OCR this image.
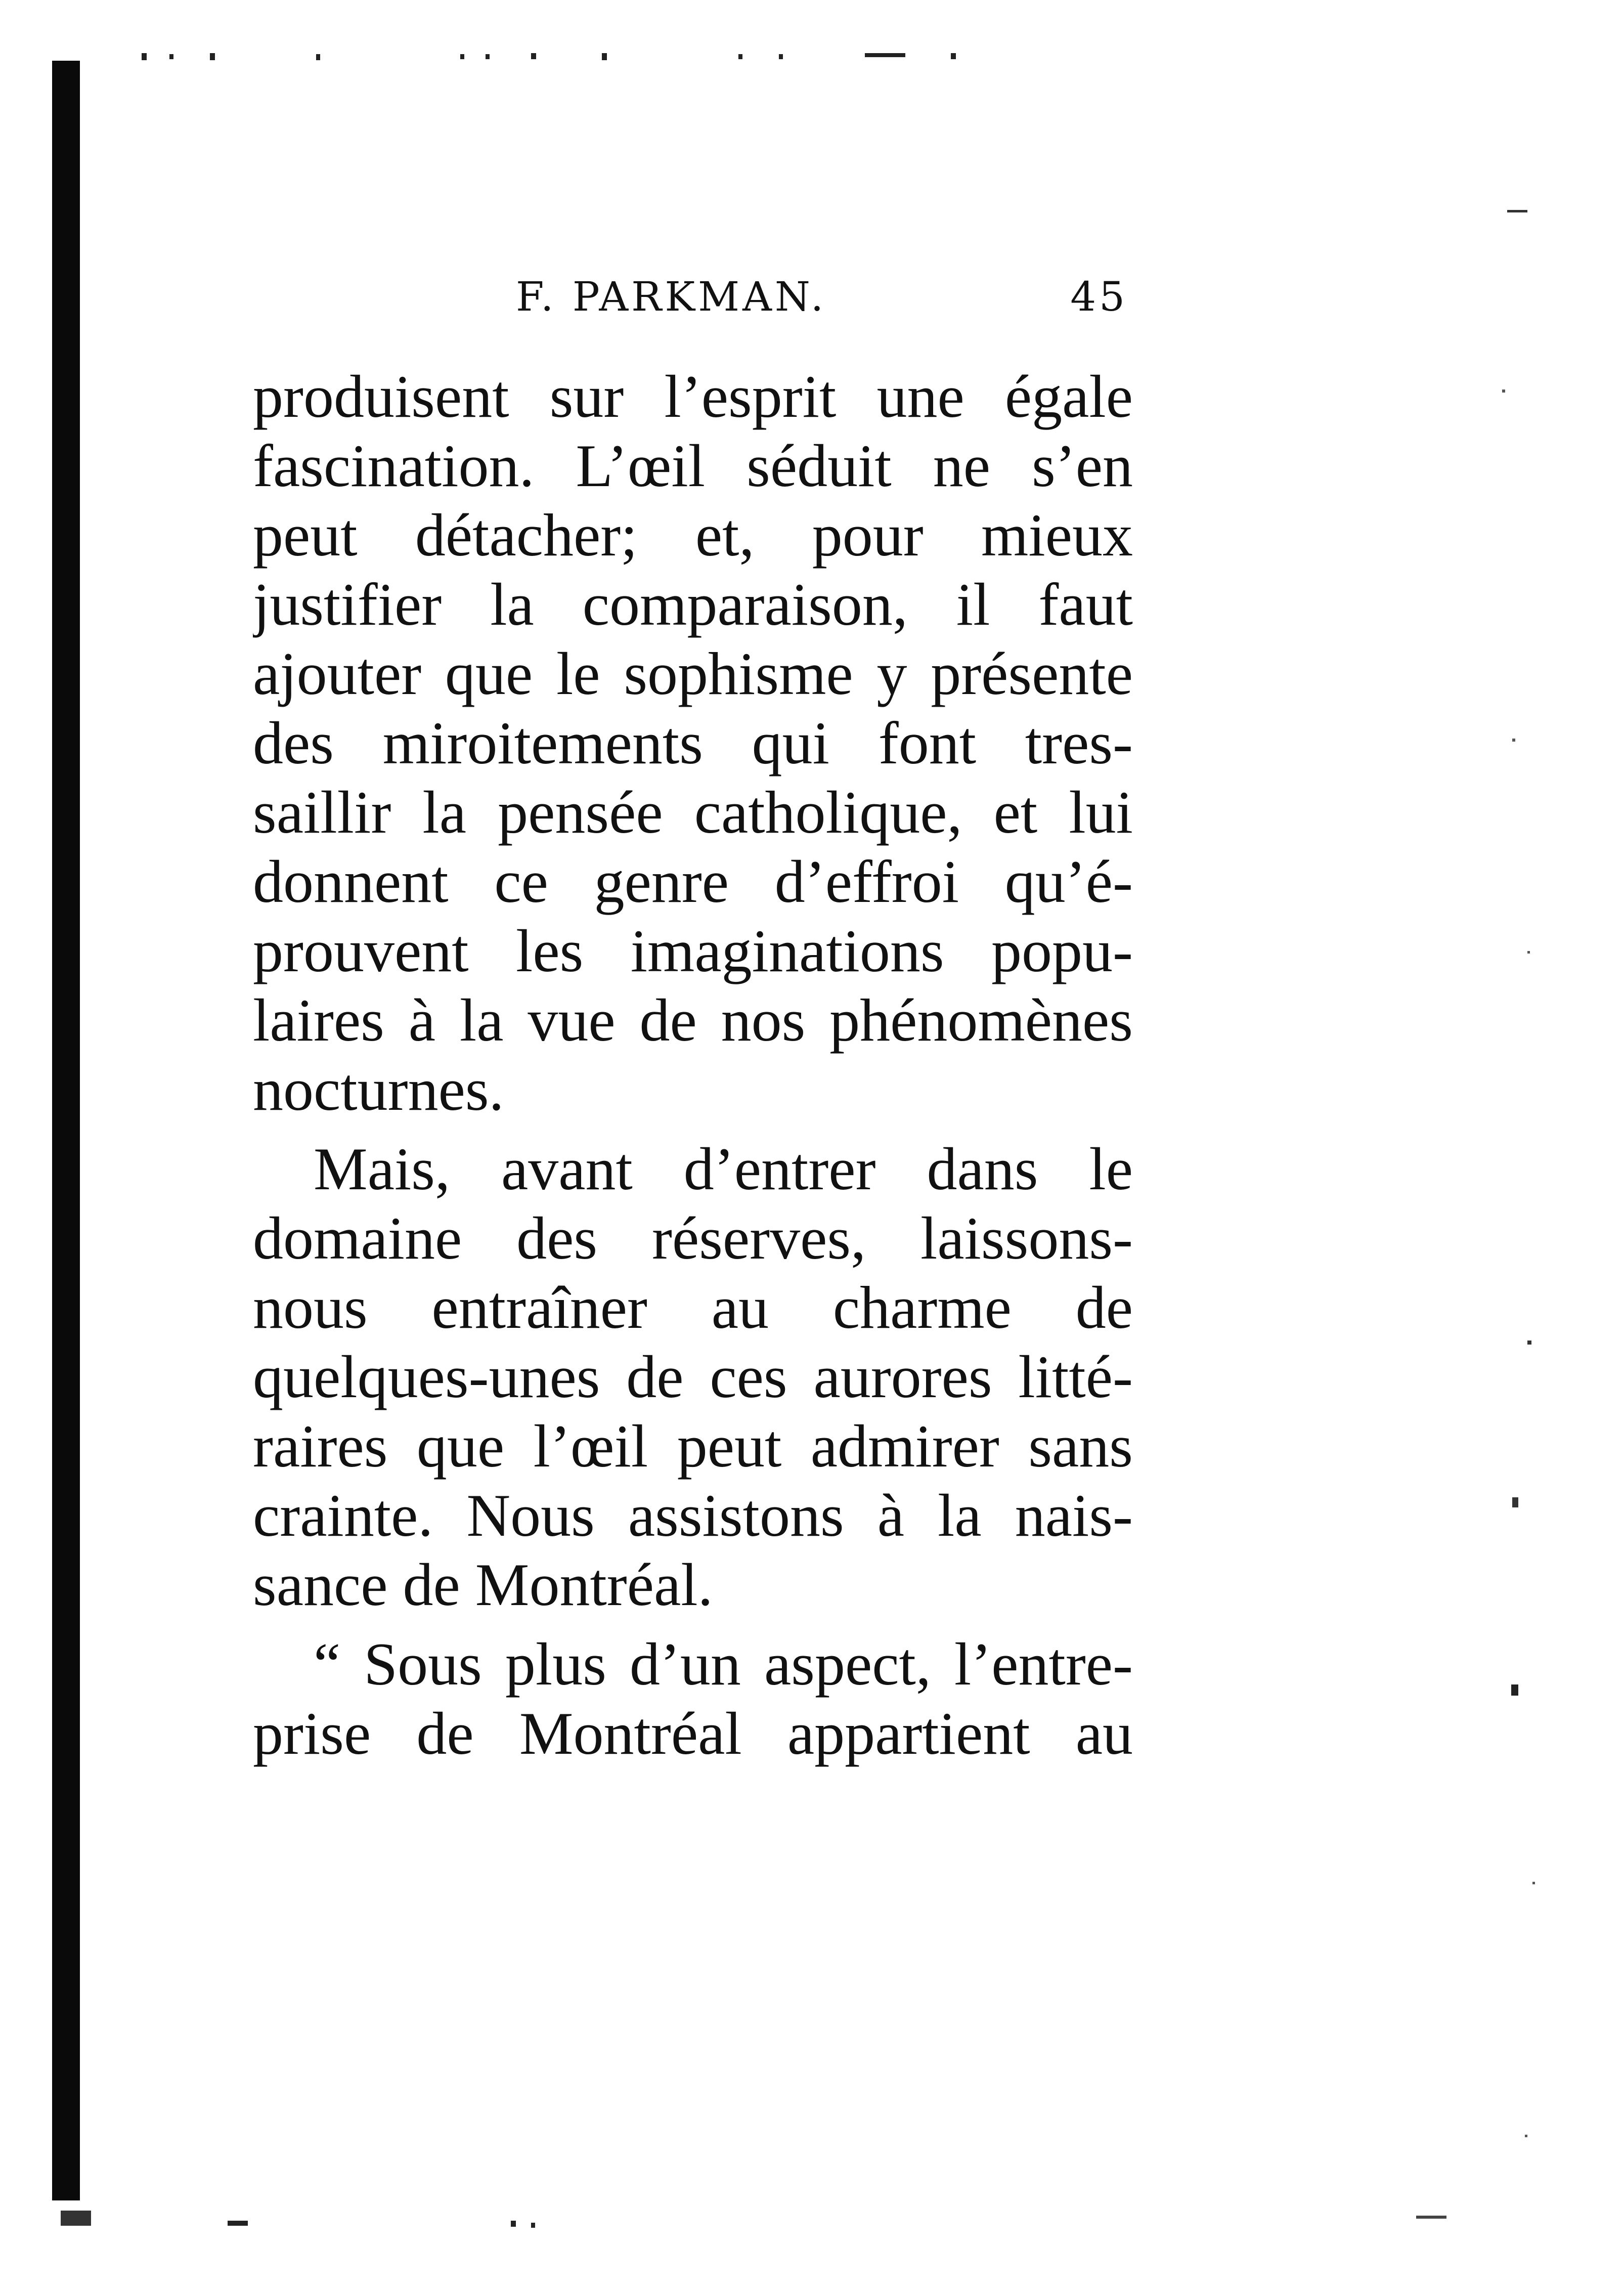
F. PARKMAN.	45
produisent sur l’esprit une égale
fascination. L’œil séduit ne s’en
peut détacher; et, pour mieux
justifier la comparaison, il faut
ajouter que le sophisme y présente
des miroitements qui font tres-
saillir la pensée catholique, et lui
donnent ce genre d’effroi qu’é-
prouvent les imaginations popu-
laires à la vue de nos phénomènes
nocturnes.
Mais, avant d’entrer dans le
domaine des réserves, laissons-
nous entraîner au charme de
quelques-unes de ces aurores litté-
raires que l’œil peut admirer sans
crainte. Nous assistons à la nais-
sance de Montréal.
“ Sous plus d’un aspect, l’entre-
prise de Montréal appartient au
